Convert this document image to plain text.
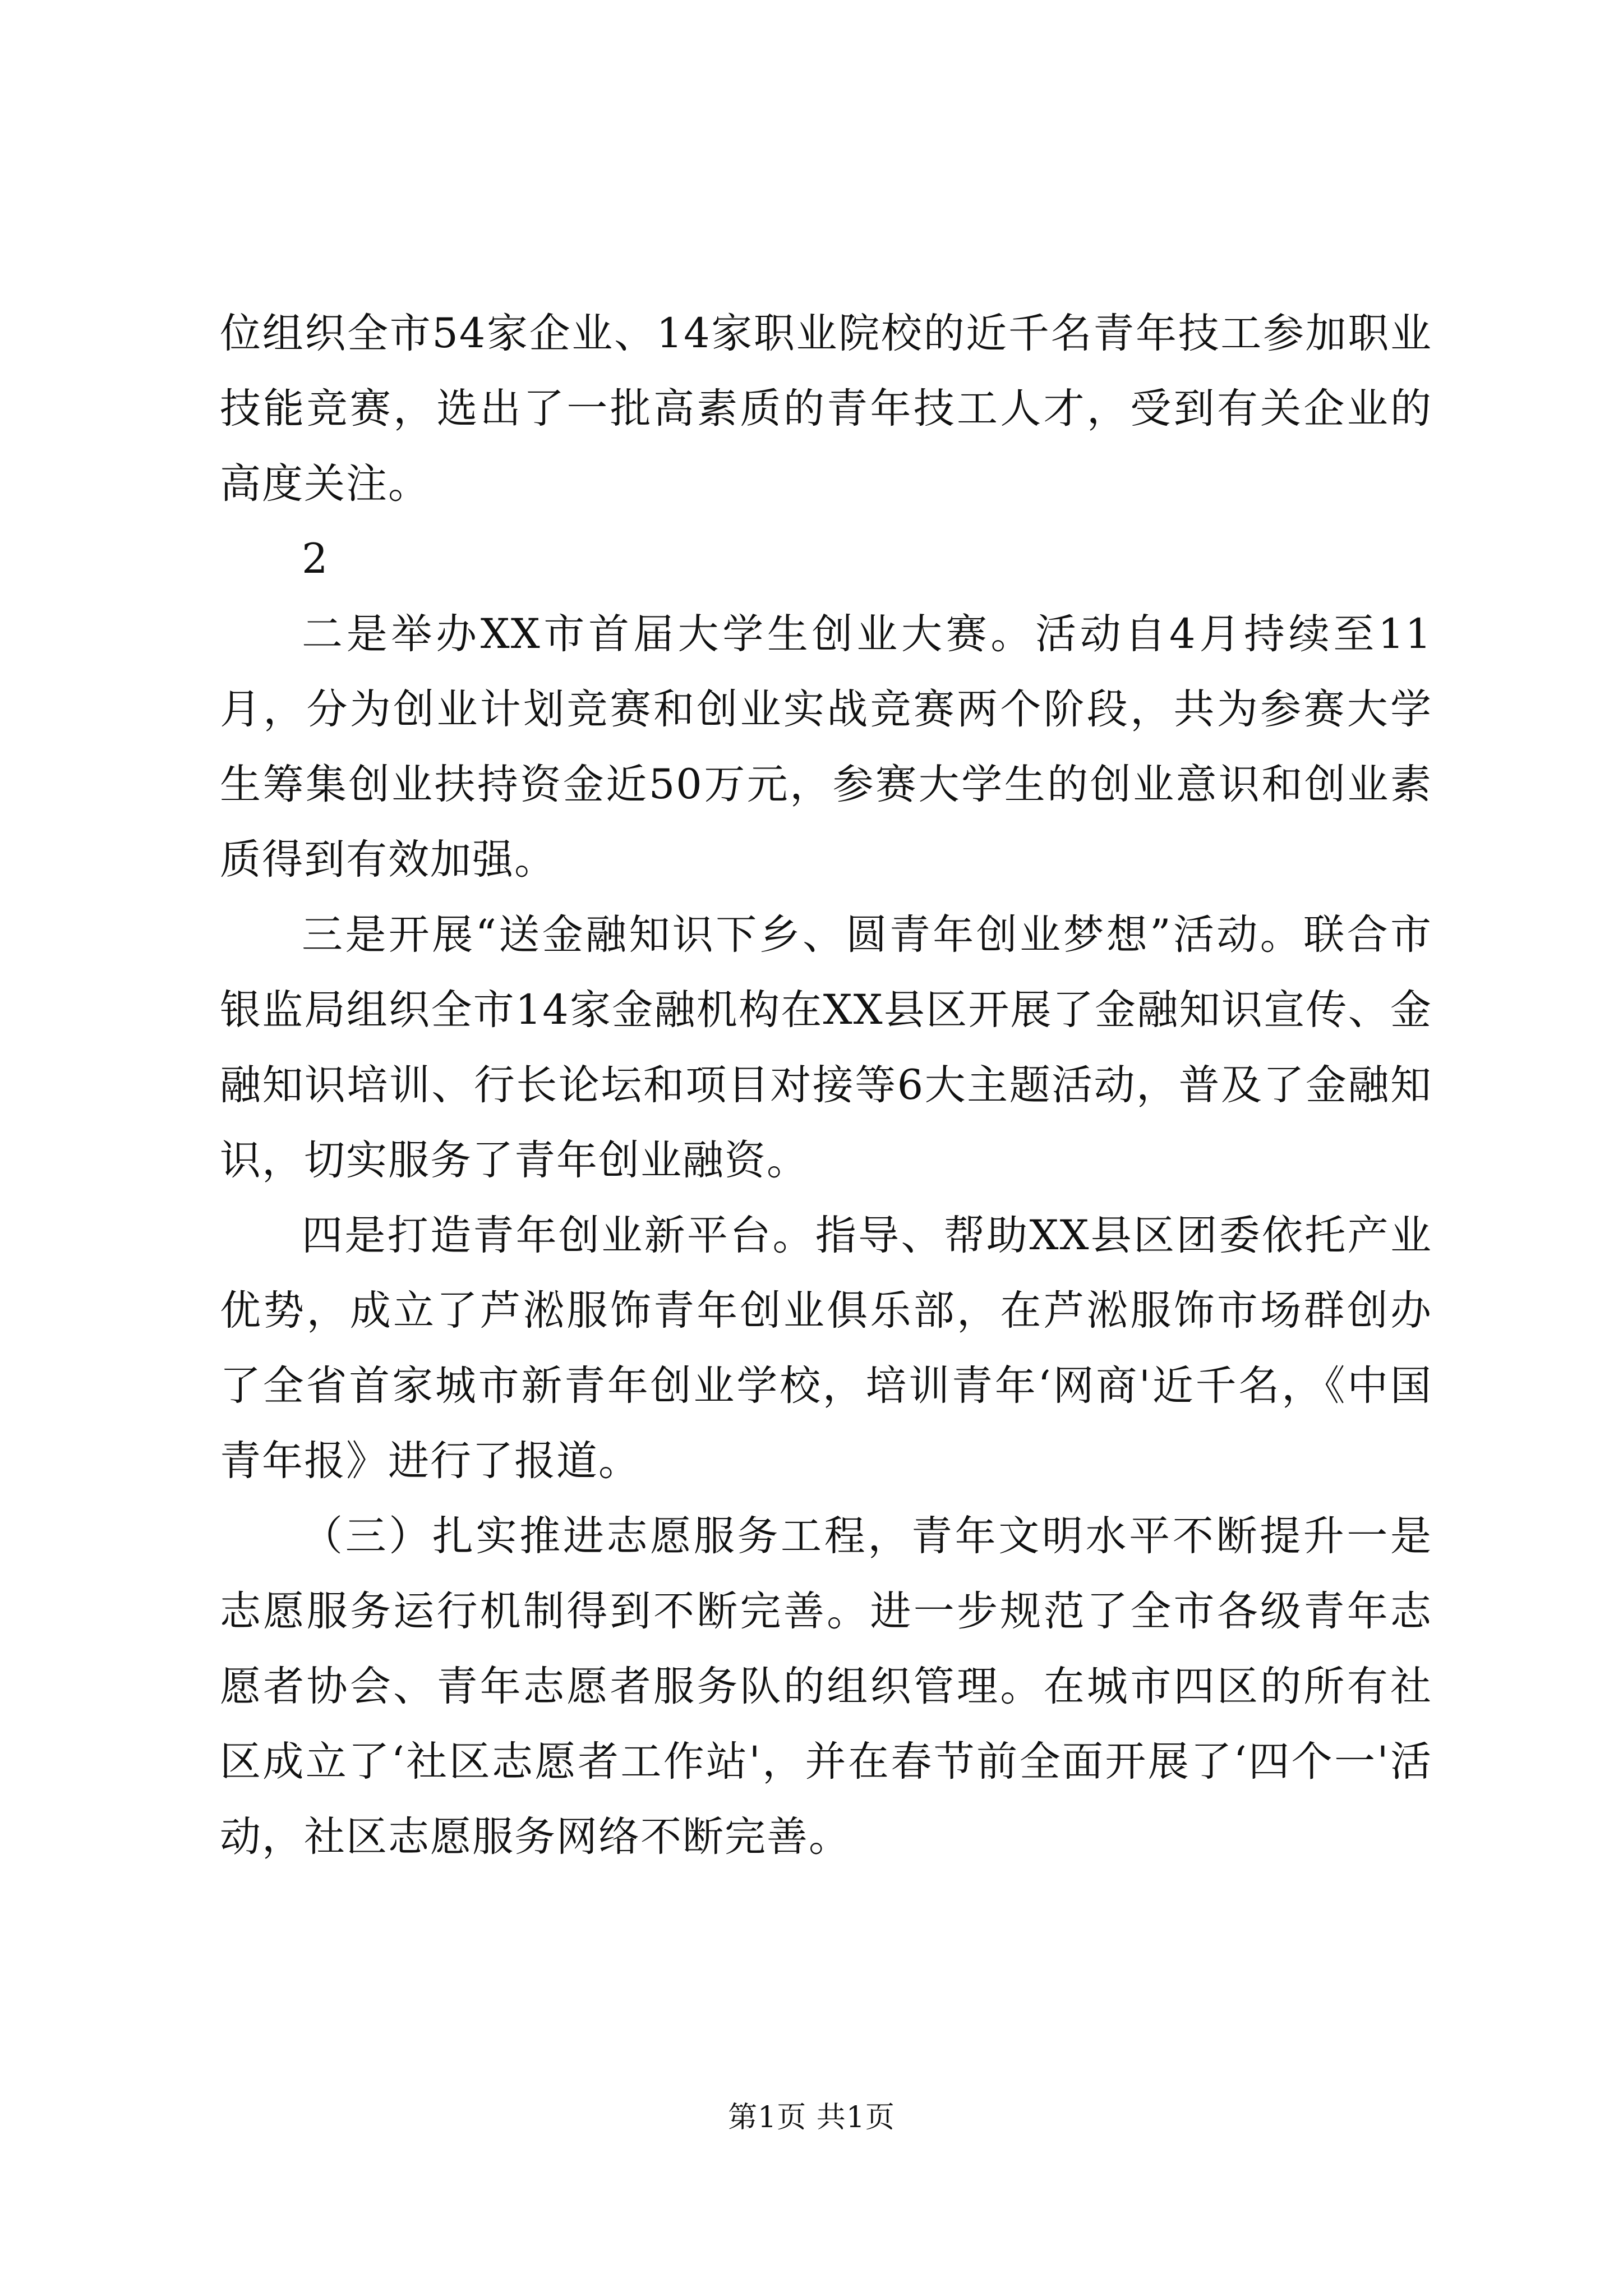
位组织全市54家企业、14家职业院校的近千名青年技工参加职业技能竞赛，选出了一批高素质的青年技工人才，受到有关企业的高度关注。

2

二是举办XX市首届大学生创业大赛。活动自4月持续至11月，分为创业计划竞赛和创业实战竞赛两个阶段，共为参赛大学生筹集创业扶持资金近50万元，参赛大学生的创业意识和创业素质得到有效加强。

三是开展“送金融知识下乡、圆青年创业梦想”活动。联合市银监局组织全市14家金融机构在XX县区开展了金融知识宣传、金融知识培训、行长论坛和项目对接等6大主题活动，普及了金融知识，切实服务了青年创业融资。

四是打造青年创业新平台。指导、帮助XX县区团委依托产业优势，成立了芦淞服饰青年创业俱乐部，在芦淞服饰市场群创办了全省首家城市新青年创业学校，培训青年‘网商'近千名，《中国青年报》进行了报道。

（三）扎实推进志愿服务工程，青年文明水平不断提升一是志愿服务运行机制得到不断完善。进一步规范了全市各级青年志愿者协会、青年志愿者服务队的组织管理。在城市四区的所有社区成立了‘社区志愿者工作站'，并在春节前全面开展了‘四个一'活动，社区志愿服务网络不断完善。

第1页 共1页
